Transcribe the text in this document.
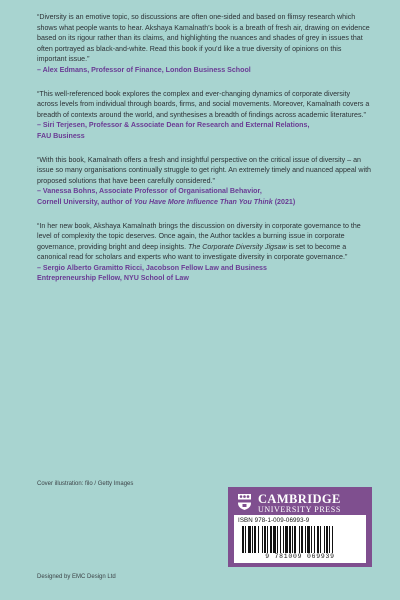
“Diversity is an emotive topic, so discussions are often one-sided and based on flimsy research which shows what people wants to hear. Akshaya Kamalnath’s book is a breath of fresh air, drawing on evidence based on its rigour rather than its claims, and highlighting the nuances and shades of grey in issues that often portrayed as black-and-white. Read this book if you’d like a true diversity of opinions on this important issue.”

– Alex Edmans, Professor of Finance, London Business School

“This well-referenced book explores the complex and ever-changing dynamics of corporate diversity across levels from individual through boards, firms, and social movements. Moreover, Kamalnath covers a breadth of contexts around the world, and synthesises a breadth of findings across academic literatures.”

– Siri Terjesen, Professor & Associate Dean for Research and External Relations,
FAU Business

“With this book, Kamalnath offers a fresh and insightful perspective on the critical issue of diversity – an issue so many organisations continually struggle to get right. An extremely timely and nuanced appeal with proposed solutions that have been carefully considered.”

– Vanessa Bohns, Associate Professor of Organisational Behavior,
Cornell University, author of You Have More Influence Than You Think (2021)

“In her new book, Akshaya Kamalnath brings the discussion on diversity in corporate governance to the level of complexity the topic deserves. Once again, the Author tackles a burning issue in corporate governance, providing bright and deep insights. The Corporate Diversity Jigsaw is set to become a canonical read for scholars and experts who want to investigate diversity in corporate governance.”

– Sergio Alberto Gramitto Ricci, Jacobson Fellow Law and Business
Entrepreneurship Fellow, NYU School of Law

Cover illustration: filo / Getty Images
Designed by EMC Design Ltd
CAMBRIDGE
UNIVERSITY PRESS
ISBN 978-1-009-06993-9
9 781009 069939
